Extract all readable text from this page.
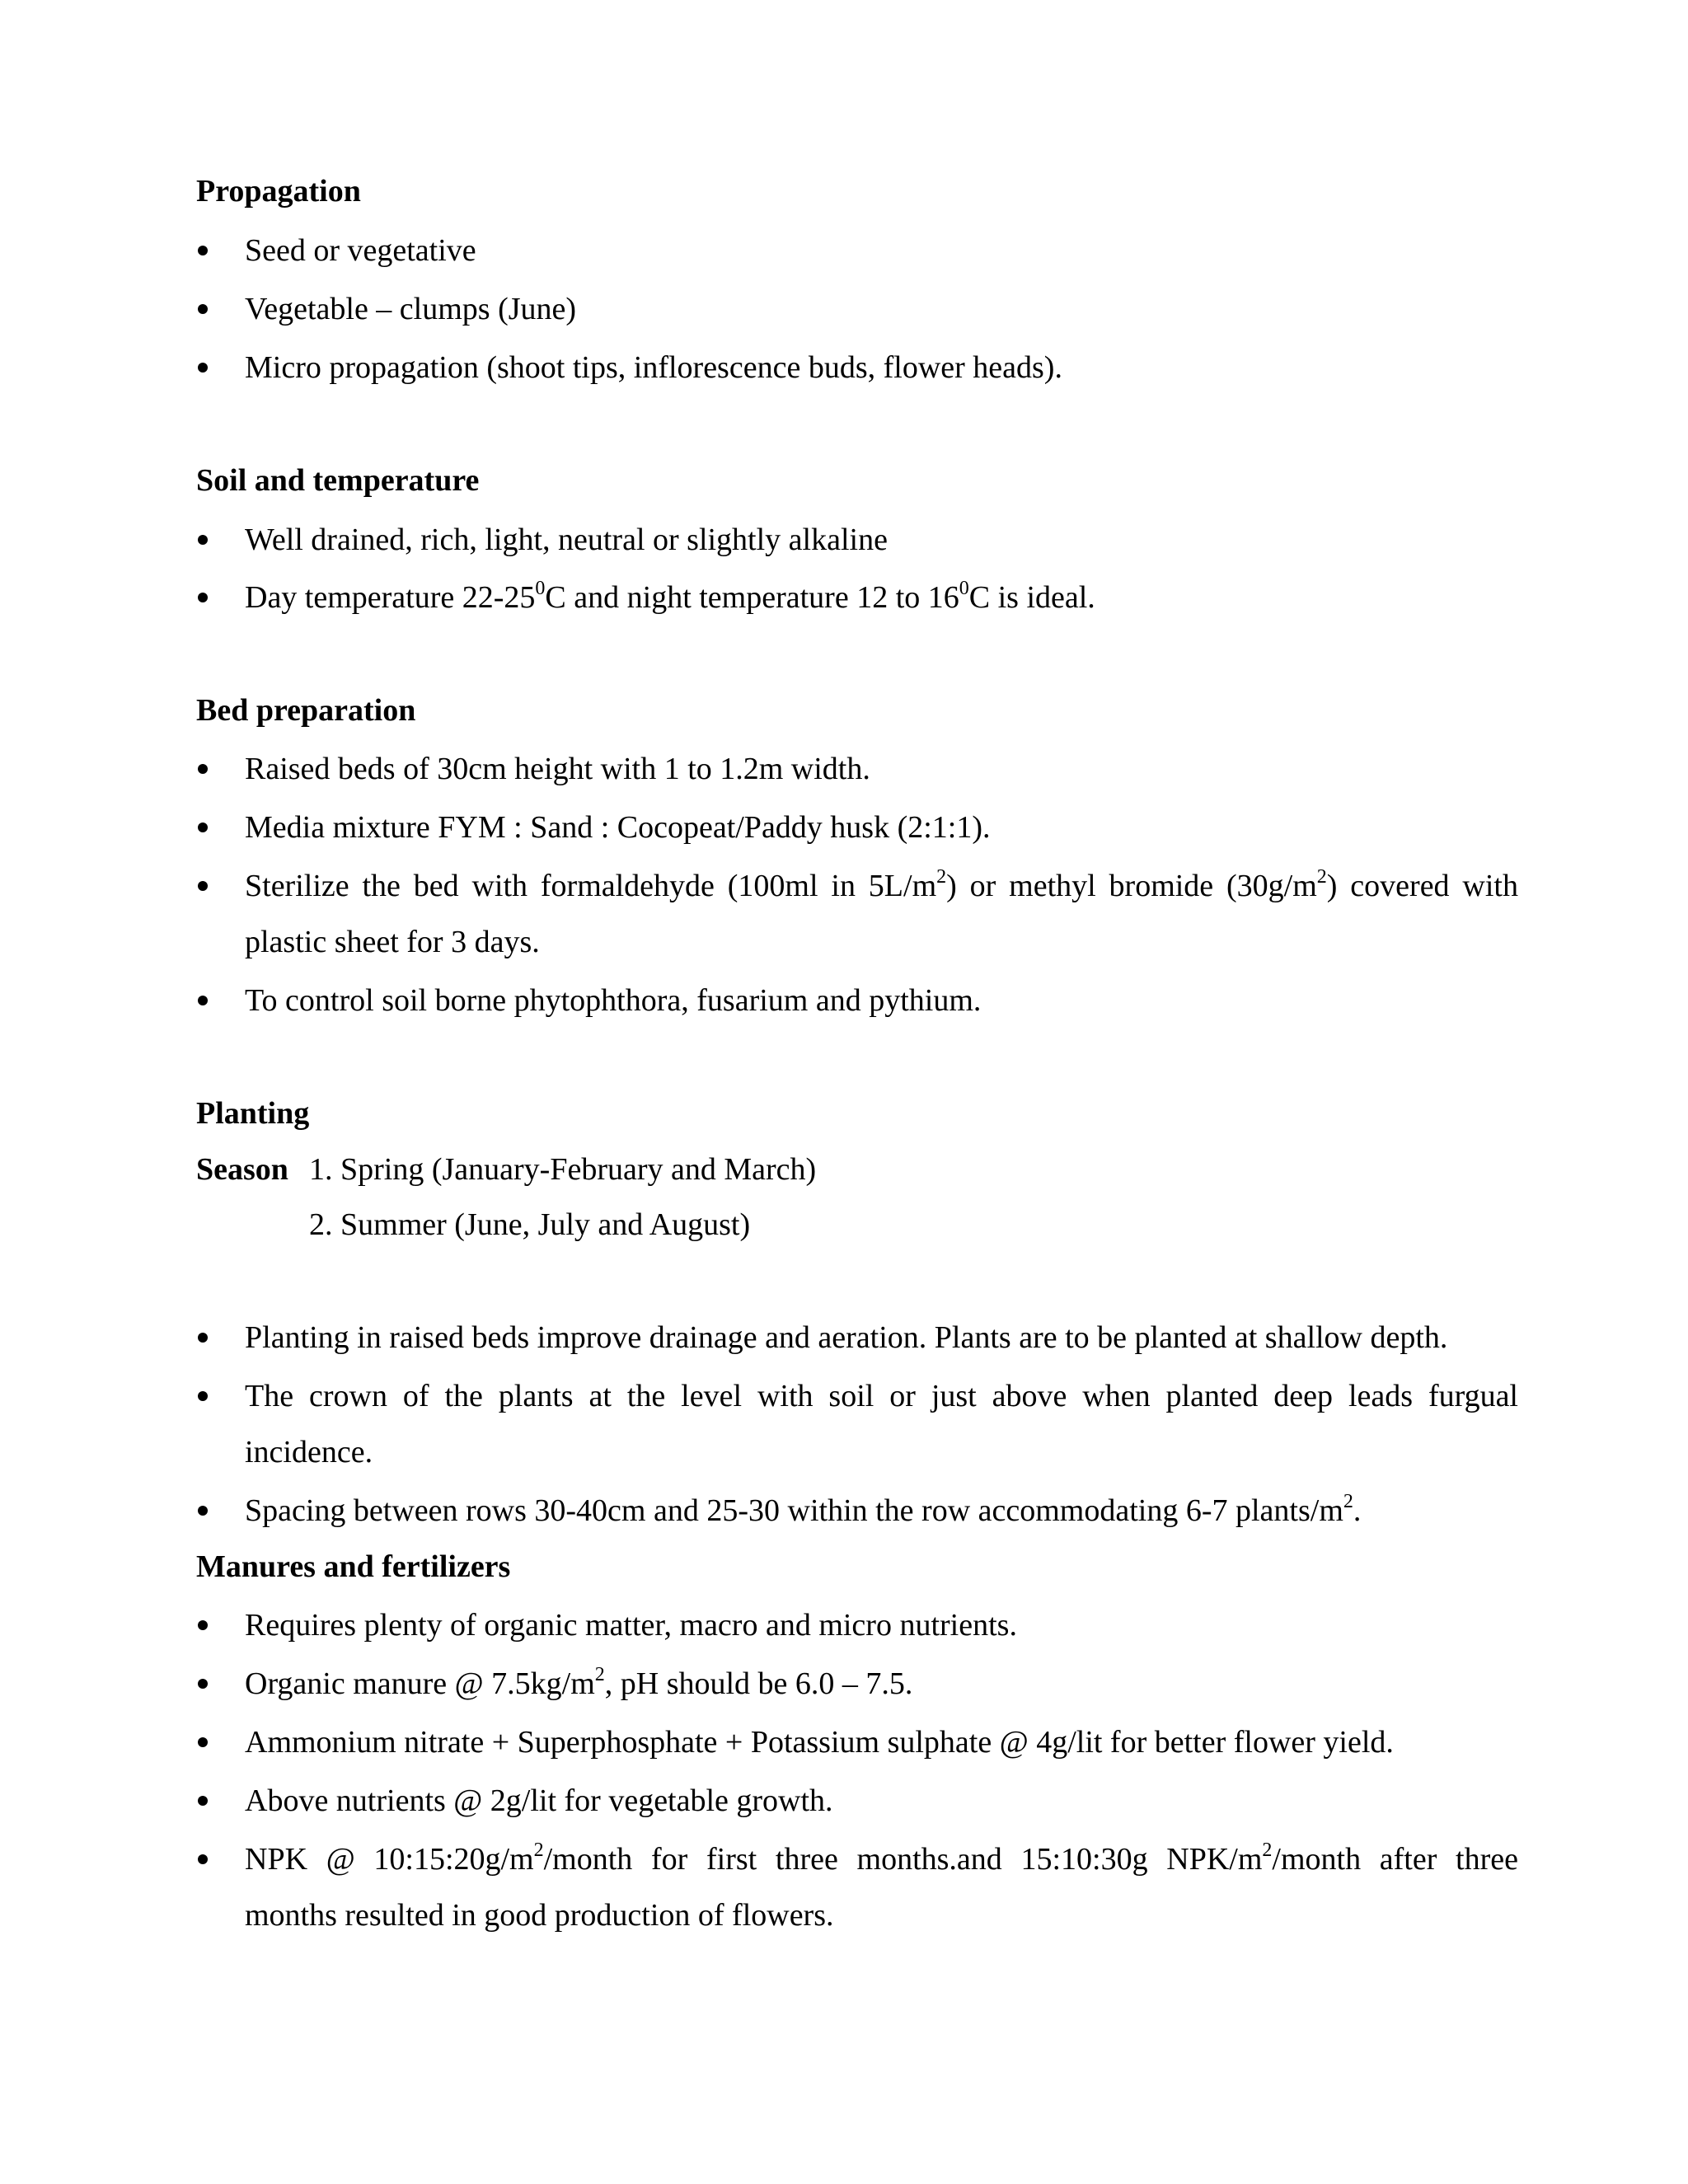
Propagation
Seed or vegetative
Vegetable – clumps (June)
Micro propagation (shoot tips, inflorescence buds, flower heads).
Soil and temperature
Well drained, rich, light, neutral or slightly alkaline
Day temperature $22-25^0C$ and night temperature 12 to $16^0C$ is ideal.
Bed preparation
Raised beds of 30cm height with 1 to 1.2m width.
Media mixture FYM : Sand : Cocopeat/Paddy husk (2:1:1).
Sterilize the bed with formaldehyde (100ml in $5L/m^2$) or methyl bromide $(30g/m^2)$ covered with
plastic sheet for 3 days.
To control soil borne phytophthora, fusarium and pythium.
Planting
Season 1. Spring (January-February and March)
2. Summer (June, July and August)
Planting in raised beds improve drainage and aeration. Plants are to be planted at shallow depth.
The crown of the plants at the level with soil or just above when planted deep leads furgual
incidence.
Spacing between rows 30-40cm and 25-30 within the row accommodating 6-7 plants/$m^2$.
Manures and fertilizers
Requires plenty of organic matter, macro and micro nutrients.
Organic manure @ $7.5kg/m^2$, pH should be 6.0 – 7.5.
Ammonium nitrate + Superphosphate + Potassium sulphate @ 4g/lit for better flower yield.
Above nutrients @ 2g/lit for vegetable growth.
NPK @ $10:15:20g/m^2$/month for first three months.and 15:10:30g NPK/$m^2$/month after three
months resulted in good production of flowers.
